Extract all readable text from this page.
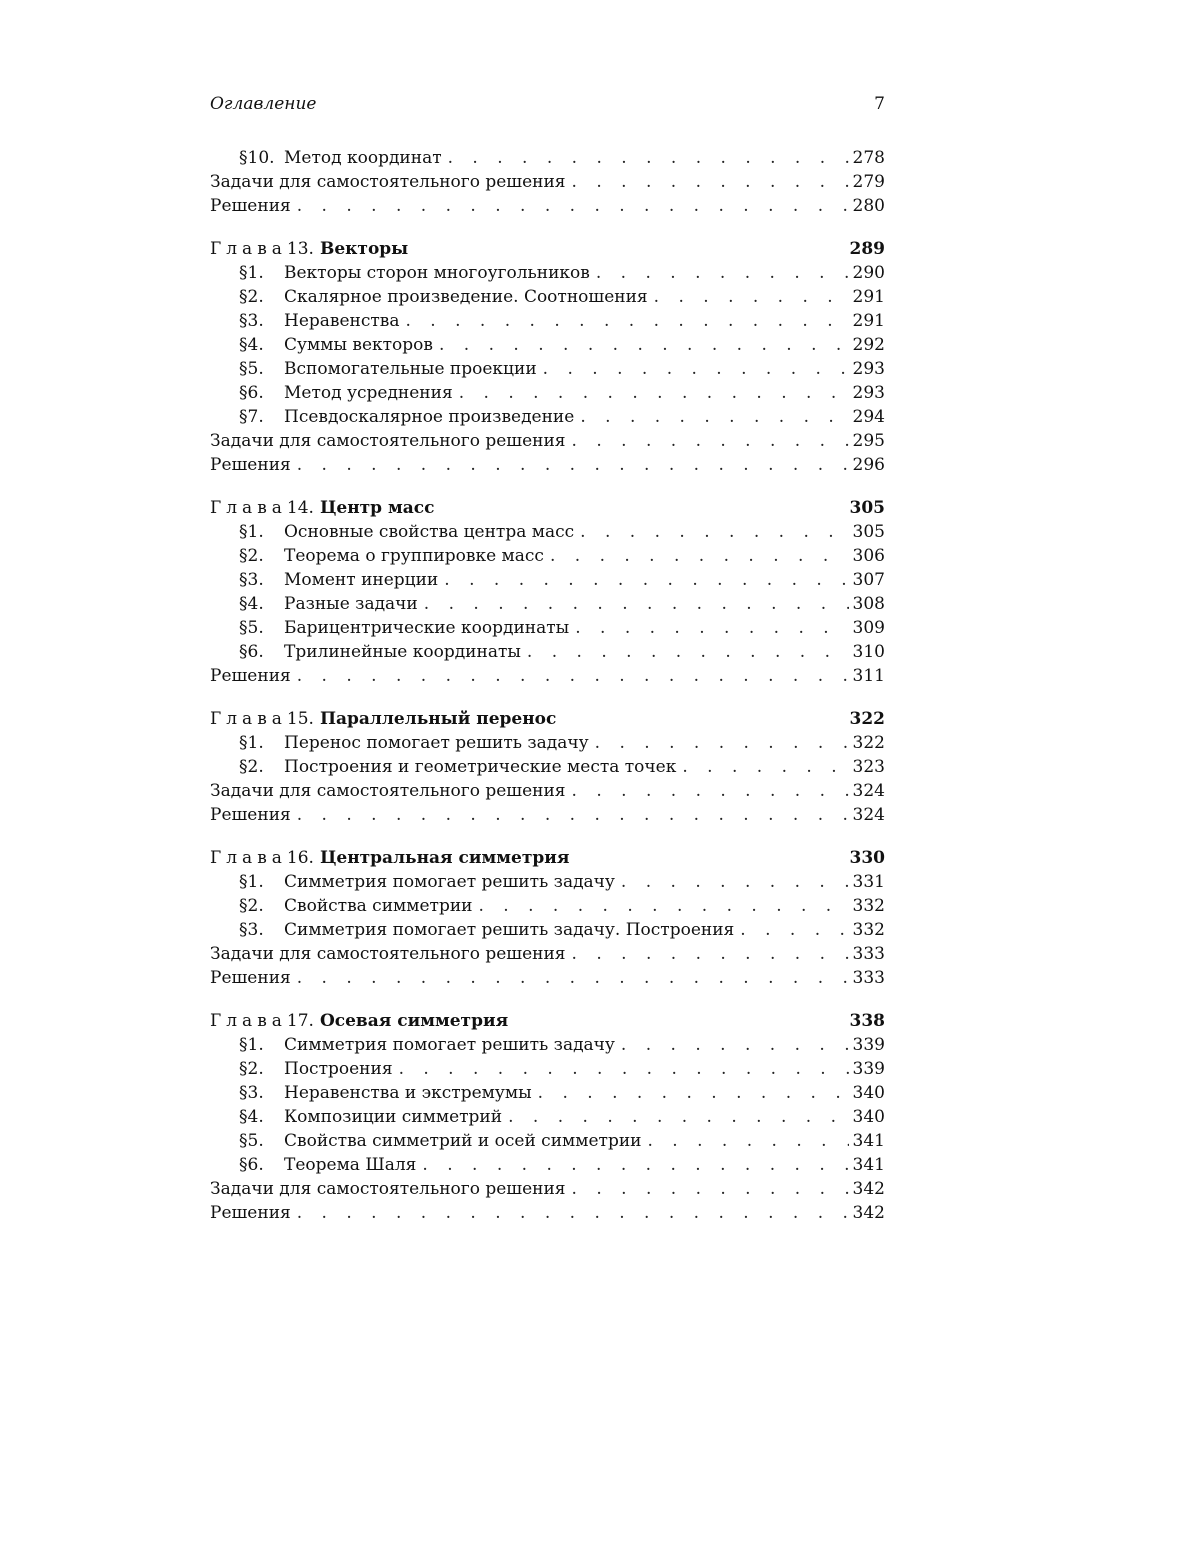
Оглавление	7
§10. Метод координат . . .	278
Задачи для самостоятельного решения . . .	279
Решения . . .	280
Глава 13. Векторы	289
§1.	Векторы сторон многоугольников . . .	290
§2.	Скалярное произведение. Соотношения . . .	291
§3.	Неравенства . . .	291
§4.	Суммы векторов . . .	292
§5.	Вспомогательные проекции . . .	293
§6.	Метод усреднения . . .	293
§7.	Псевдоскалярное произведение . . .	294
Задачи для самостоятельного решения . . .	295
Решения . . .	296
Глава 14. Центр масс	305
§1.	Основные свойства центра масс . . .	305
§2.	Теорема о группировке масс . . .	306
§3.	Момент инерции . . .	307
§4.	Разные задачи . . .	308
§5.	Барицентрические координаты . . .	309
§6.	Трилинейные координаты . . .	310
Решения . . .	311
Глава 15. Параллельный перенос	322
§1.	Перенос помогает решить задачу . . .	322
§2.	Построения и геометрические места точек . . .	323
Задачи для самостоятельного решения . . .	324
Решения . . .	324
Глава 16. Центральная симметрия	330
§1.	Симметрия помогает решить задачу . . .	331
§2.	Свойства симметрии . . .	332
§3.	Симметрия помогает решить задачу. Построения . . .	332
Задачи для самостоятельного решения . . .	333
Решения . . .	333
Глава 17. Осевая симметрия	338
§1.	Симметрия помогает решить задачу . . .	339
§2.	Построения . . .	339
§3.	Неравенства и экстремумы . . .	340
§4.	Композиции симметрий . . .	340
§5.	Свойства симметрий и осей симметрии . . .	341
§6.	Теорема Шаля . . .	341
Задачи для самостоятельного решения . . .	342
Решения . . .	342
